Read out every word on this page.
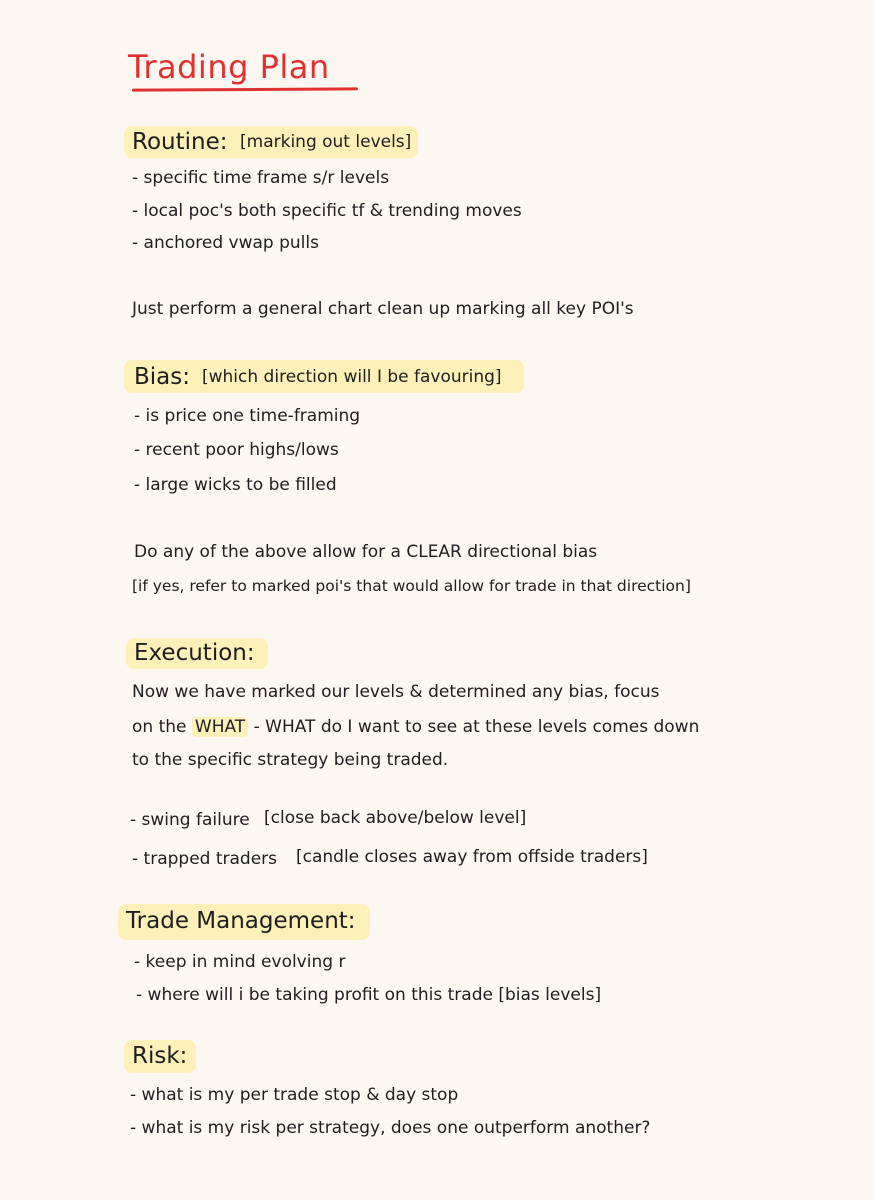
Trading Plan
Routine: [marking out levels]
- specific time frame s/r levels
- local poc's both specific tf & trending moves
- anchored vwap pulls
Just perform a general chart clean up marking all key POI's
Bias: [which direction will I be favouring]
- is price one time-framing
- recent poor highs/lows
- large wicks to be filled
Do any of the above allow for a CLEAR directional bias
[if yes, refer to marked poi's that would allow for trade in that direction]
Execution:
Now we have marked our levels & determined any bias, focus
on the WHAT - WHAT do I want to see at these levels comes down
to the specific strategy being traded.
- swing failure [close back above/below level]
- trapped traders [candle closes away from offside traders]
Trade Management:
- keep in mind evolving r
- where will i be taking profit on this trade [bias levels]
Risk:
- what is my per trade stop & day stop
- what is my risk per strategy, does one outperform another?
